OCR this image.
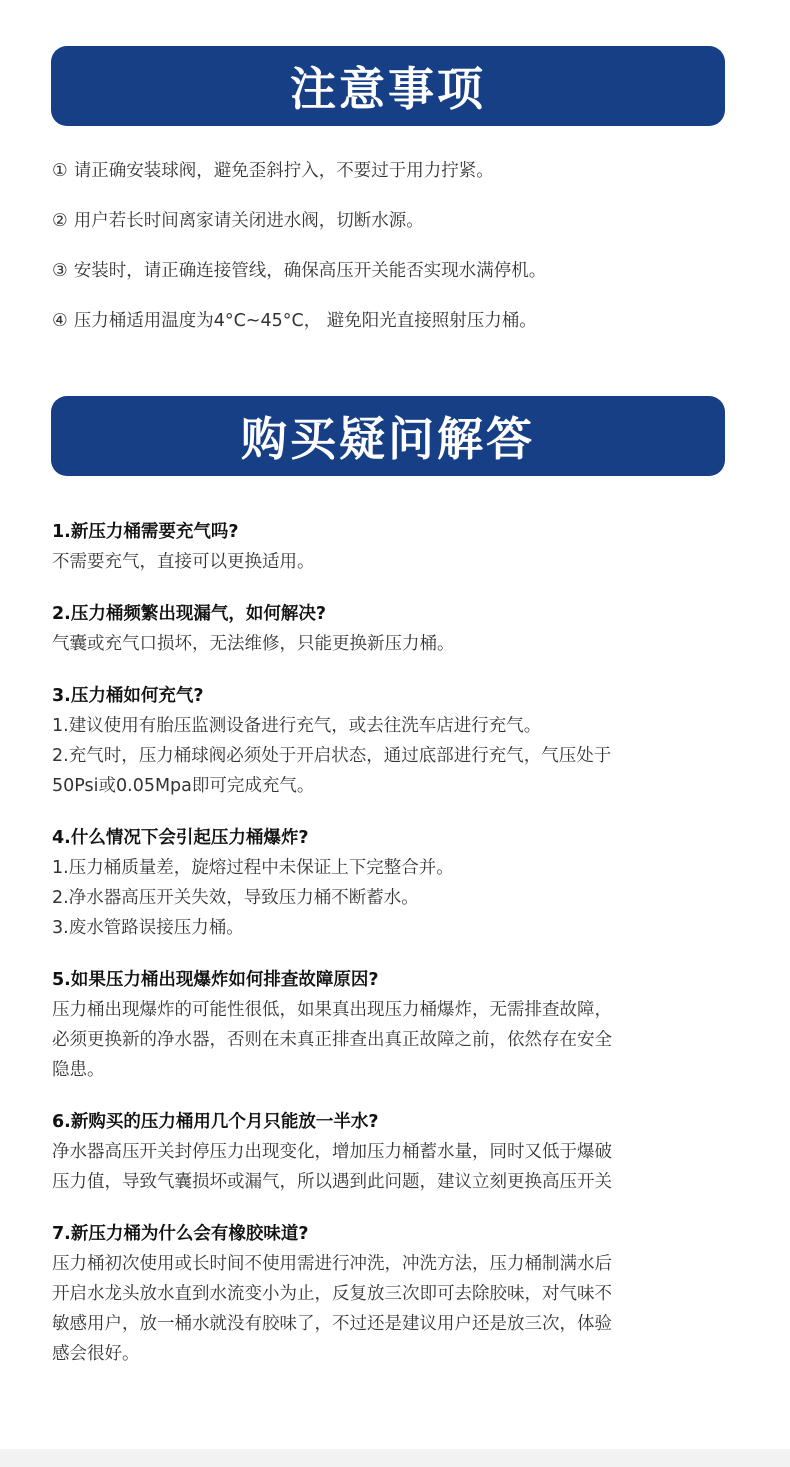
注意事项
① 请正确安装球阀，避免歪斜拧入，不要过于用力拧紧。
② 用户若长时间离家请关闭进水阀，切断水源。
③ 安装时，请正确连接管线，确保高压开关能否实现水满停机。
④ 压力桶适用温度为4°C~45°C， 避免阳光直接照射压力桶。
购买疑问解答
1.新压力桶需要充气吗?
不需要充气，直接可以更换适用。
2.压力桶频繁出现漏气，如何解决?
气囊或充气口损坏，无法维修，只能更换新压力桶。
3.压力桶如何充气?
1.建议使用有胎压监测设备进行充气，或去往洗车店进行充气。
2.充气时，压力桶球阀必须处于开启状态，通过底部进行充气，气压处于
50Psi或0.05Mpa即可完成充气。
4.什么情况下会引起压力桶爆炸?
1.压力桶质量差，旋熔过程中未保证上下完整合并。
2.净水器高压开关失效，导致压力桶不断蓄水。
3.废水管路误接压力桶。
5.如果压力桶出现爆炸如何排查故障原因?
压力桶出现爆炸的可能性很低，如果真出现压力桶爆炸，无需排查故障，
必须更换新的净水器，否则在未真正排查出真正故障之前，依然存在安全
隐患。
6.新购买的压力桶用几个月只能放一半水?
净水器高压开关封停压力出现变化，增加压力桶蓄水量，同时又低于爆破
压力值，导致气囊损坏或漏气，所以遇到此问题，建议立刻更换高压开关
7.新压力桶为什么会有橡胶味道?
压力桶初次使用或长时间不使用需进行冲洗，冲洗方法，压力桶制满水后
开启水龙头放水直到水流变小为止，反复放三次即可去除胶味，对气味不
敏感用户，放一桶水就没有胶味了，不过还是建议用户还是放三次，体验
感会很好。
